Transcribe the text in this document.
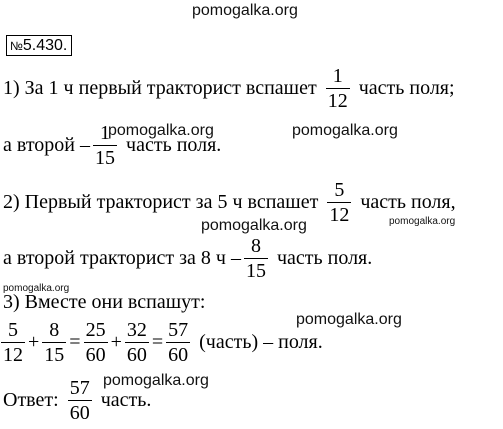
pomogalka.org
pomogalka.org	pomogalka.org
pomogalka.org
pomogalka.org
pomogalka.org
pomogalka.org
pomogalka.org
№5.430.
1) За 1 ч первый тракторист вспашет $\frac{1}{12}$ часть поля;
а второй – $\frac{1}{15}$ часть поля.
2) Первый тракторист за 5 ч вспашет $\frac{5}{12}$ часть поля,
а второй тракторист за 8 ч – $\frac{8}{15}$ часть поля.
3) Вместе они вспашут:
$\frac{5}{12} + \frac{8}{15} = \frac{25}{60} + \frac{32}{60} = \frac{57}{60}$ (часть) – поля.
Ответ: $\frac{57}{60}$ часть.
